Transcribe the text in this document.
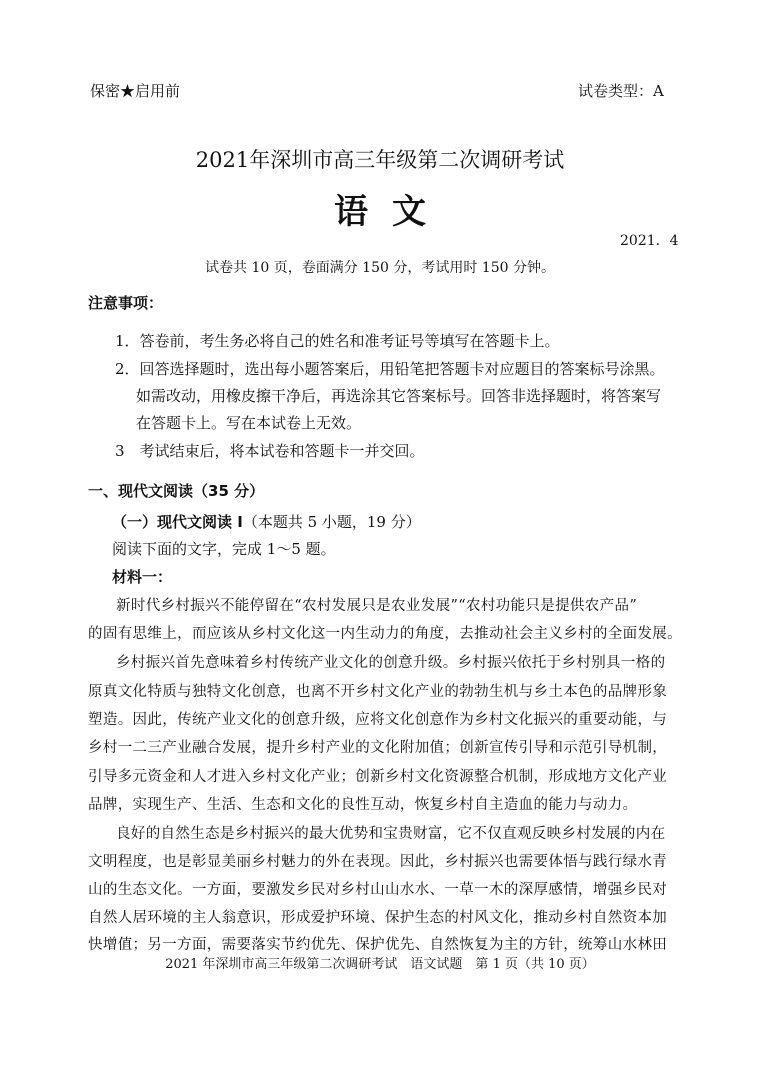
保密★启用前	试卷类型：A
2021年深圳市高三年级第二次调研考试
语文
2021．4
试卷共 10 页，卷面满分 150 分，考试用时 150 分钟。
注意事项：
1．答卷前，考生务必将自己的姓名和准考证号等填写在答题卡上。
2．回答选择题时，选出每小题答案后，用铅笔把答题卡对应题目的答案标号涂黑。
如需改动，用橡皮擦干净后，再选涂其它答案标号。回答非选择题时，将答案写
在答题卡上。写在本试卷上无效。
3　考试结束后，将本试卷和答题卡一并交回。
一、现代文阅读（35 分）
（一）现代文阅读 I（本题共 5 小题，19 分）
阅读下面的文字，完成 1～5 题。
材料一：
新时代乡村振兴不能停留在“农村发展只是农业发展”“农村功能只是提供农产品”
的固有思维上，而应该从乡村文化这一内生动力的角度，去推动社会主义乡村的全面发展。
乡村振兴首先意味着乡村传统产业文化的创意升级。乡村振兴依托于乡村别具一格的
原真文化特质与独特文化创意，也离不开乡村文化产业的勃勃生机与乡土本色的品牌形象
塑造。因此，传统产业文化的创意升级，应将文化创意作为乡村文化振兴的重要动能，与
乡村一二三产业融合发展，提升乡村产业的文化附加值；创新宣传引导和示范引导机制，
引导多元资金和人才进入乡村文化产业；创新乡村文化资源整合机制，形成地方文化产业
品牌，实现生产、生活、生态和文化的良性互动，恢复乡村自主造血的能力与动力。
良好的自然生态是乡村振兴的最大优势和宝贵财富，它不仅直观反映乡村发展的内在
文明程度，也是彰显美丽乡村魅力的外在表现。因此，乡村振兴也需要体悟与践行绿水青
山的生态文化。一方面，要激发乡民对乡村山山水水、一草一木的深厚感情，增强乡民对
自然人居环境的主人翁意识，形成爱护环境、保护生态的村风文化，推动乡村自然资本加
快增值；另一方面，需要落实节约优先、保护优先、自然恢复为主的方针，统筹山水林田
2021 年深圳市高三年级第二次调研考试　语文试题　第 1 页（共 10 页）
